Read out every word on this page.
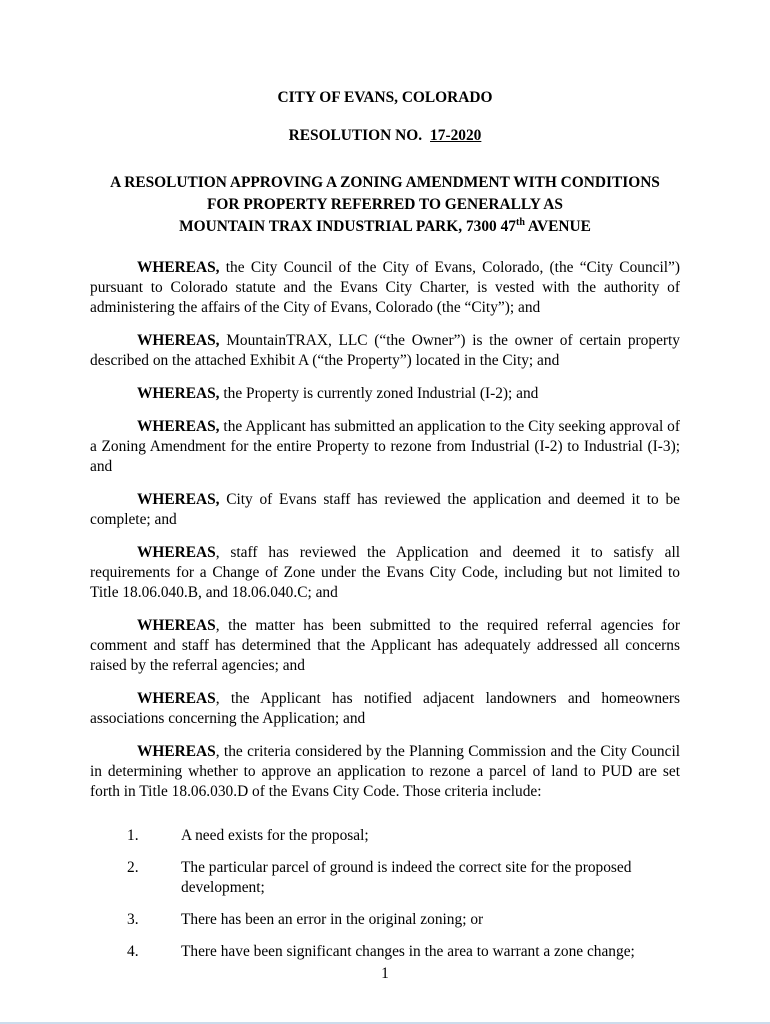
CITY OF EVANS, COLORADO
RESOLUTION NO. 17-2020
A RESOLUTION APPROVING A ZONING AMENDMENT WITH CONDITIONS
FOR PROPERTY REFERRED TO GENERALLY AS
MOUNTAIN TRAX INDUSTRIAL PARK, 7300 47th AVENUE

WHEREAS, the City Council of the City of Evans, Colorado, (the “City Council”) pursuant to Colorado statute and the Evans City Charter, is vested with the authority of administering the affairs of the City of Evans, Colorado (the “City”); and

WHEREAS, MountainTRAX, LLC (“the Owner”) is the owner of certain property described on the attached Exhibit A (“the Property”) located in the City; and

WHEREAS, the Property is currently zoned Industrial (I-2); and

WHEREAS, the Applicant has submitted an application to the City seeking approval of a Zoning Amendment for the entire Property to rezone from Industrial (I-2) to Industrial (I-3); and

WHEREAS, City of Evans staff has reviewed the application and deemed it to be complete; and

WHEREAS, staff has reviewed the Application and deemed it to satisfy all requirements for a Change of Zone under the Evans City Code, including but not limited to Title 18.06.040.B, and 18.06.040.C; and

WHEREAS, the matter has been submitted to the required referral agencies for comment and staff has determined that the Applicant has adequately addressed all concerns raised by the referral agencies; and

WHEREAS, the Applicant has notified adjacent landowners and homeowners associations concerning the Application; and

WHEREAS, the criteria considered by the Planning Commission and the City Council in determining whether to approve an application to rezone a parcel of land to PUD are set forth in Title 18.06.030.D of the Evans City Code. Those criteria include:

1.	A need exists for the proposal;
2.	The particular parcel of ground is indeed the correct site for the proposed development;
3.	There has been an error in the original zoning; or
4.	There have been significant changes in the area to warrant a zone change;
1
